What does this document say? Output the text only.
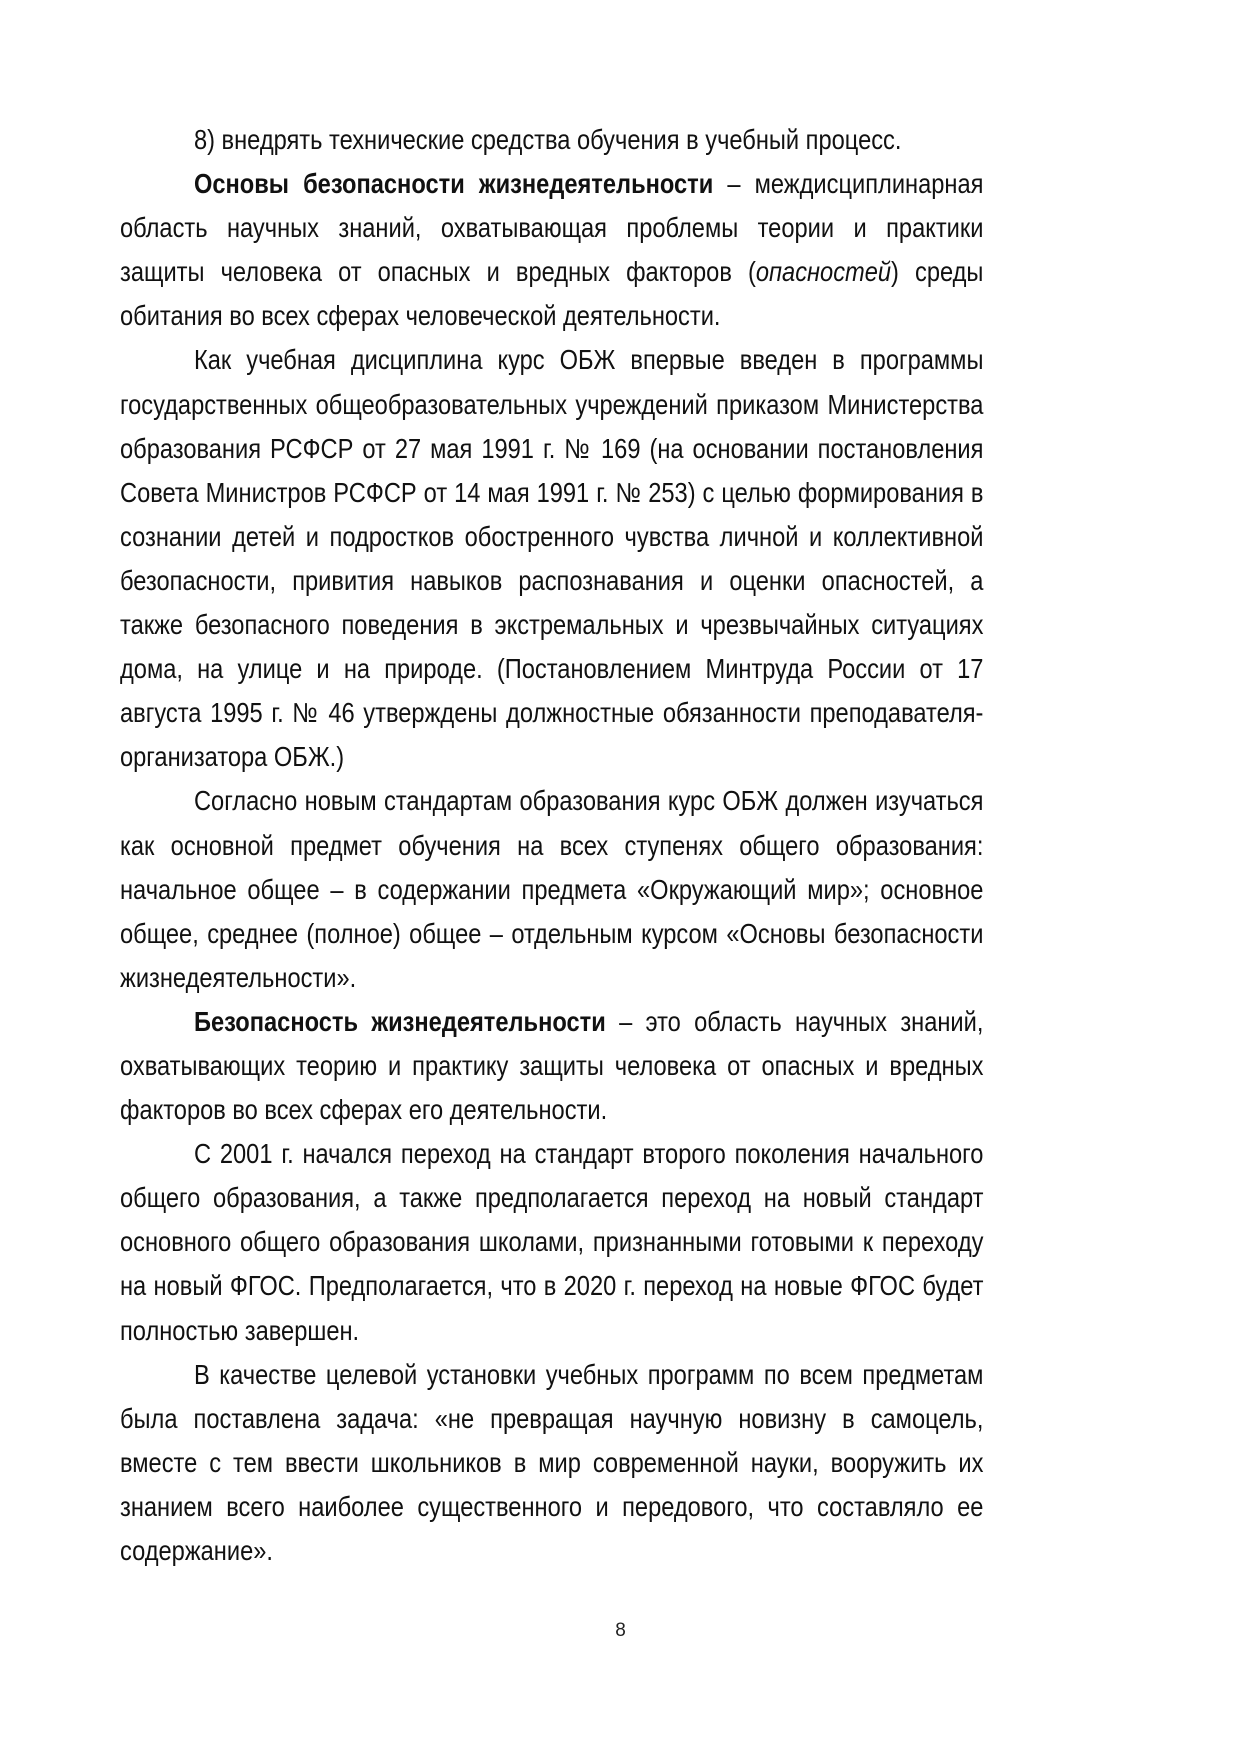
8) внедрять технические средства обучения в учебный процесс.

Основы безопасности жизнедеятельности – междисциплинарная область научных знаний, охватывающая проблемы теории и практики защиты человека от опасных и вредных факторов (опасностей) среды обитания во всех сферах человеческой деятельности.

Как учебная дисциплина курс ОБЖ впервые введен в программы государственных общеобразовательных учреждений приказом Министерства образования РСФСР от 27 мая 1991 г. № 169 (на основании постановления Совета Министров РСФСР от 14 мая 1991 г. № 253) с целью формирования в сознании детей и подростков обостренного чувства личной и коллективной безопасности, привития навыков распознавания и оценки опасностей, а также безопасного поведения в экстремальных и чрезвычайных ситуациях дома, на улице и на природе. (Постановлением Минтруда России от 17 августа 1995 г. № 46 утверждены должностные обязанности преподавателя-организатора ОБЖ.)

Согласно новым стандартам образования курс ОБЖ должен изучаться как основной предмет обучения на всех ступенях общего образования: начальное общее – в содержании предмета «Окружающий мир»; основное общее, среднее (полное) общее – отдельным курсом «Основы безопасности жизнедеятельности».

Безопасность жизнедеятельности – это область научных знаний, охватывающих теорию и практику защиты человека от опасных и вредных факторов во всех сферах его деятельности.

С 2001 г. начался переход на стандарт второго поколения начального общего образования, а также предполагается переход на новый стандарт основного общего образования школами, признанными готовыми к переходу на новый ФГОС. Предполагается, что в 2020 г. переход на новые ФГОС будет полностью завершен.

В качестве целевой установки учебных программ по всем предметам была поставлена задача: «не превращая научную новизну в самоцель, вместе с тем ввести школьников в мир современной науки, вооружить их знанием всего наиболее существенного и передового, что составляло ее содержание».

8
